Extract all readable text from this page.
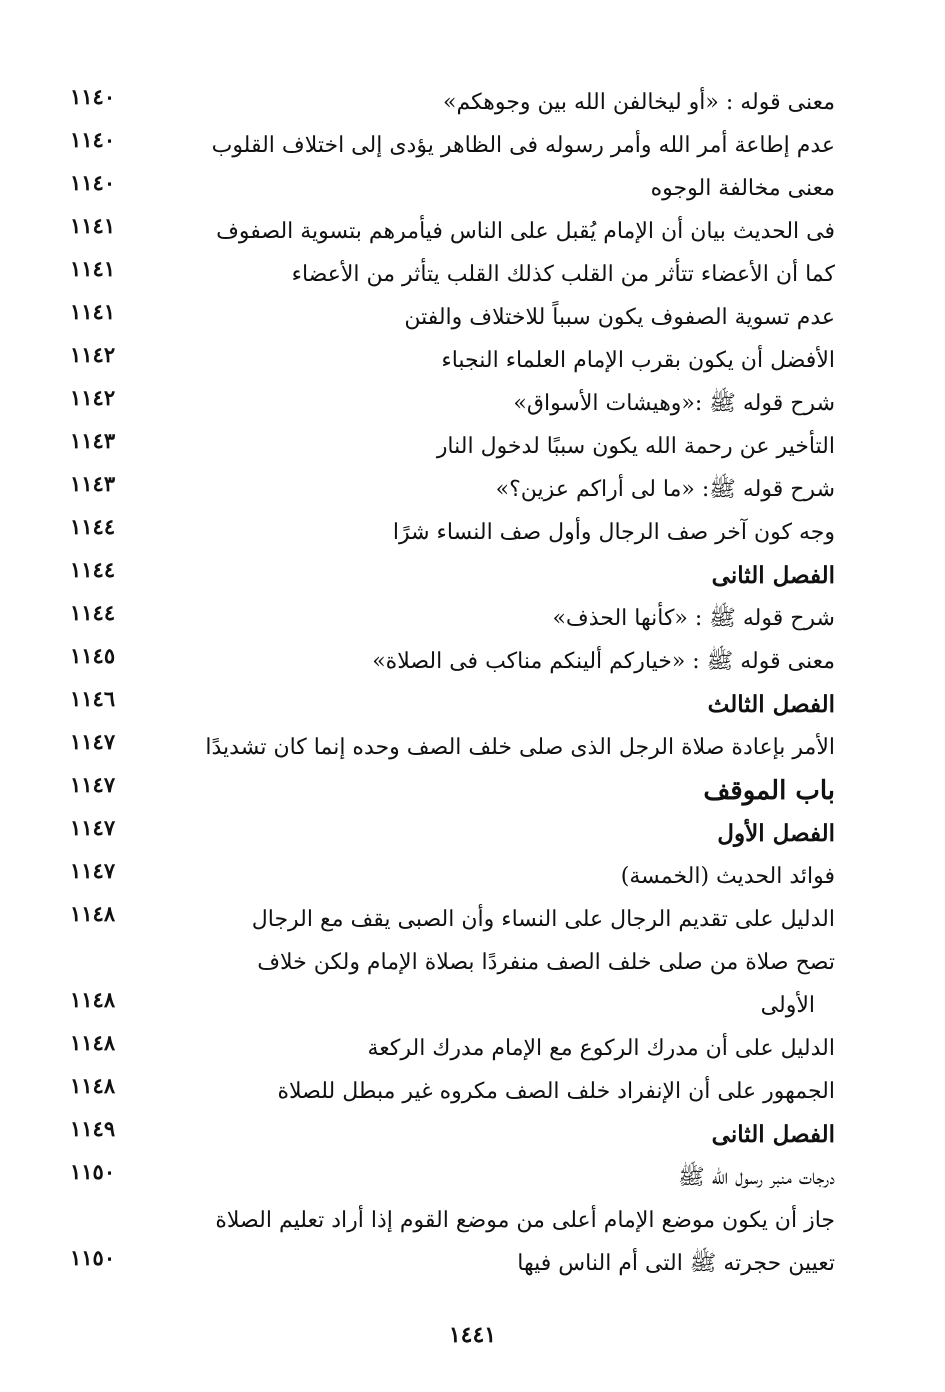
١١٤٠	معنى قوله : «أو ليخالفن الله بين وجوهكم»
١١٤٠	عدم إطاعة أمر الله وأمر رسوله فى الظاهر يؤدى إلى اختلاف القلوب
١١٤٠	معنى مخالفة الوجوه
١١٤١	فى الحديث بيان أن الإمام يُقبل على الناس فيأمرهم بتسوية الصفوف
١١٤١	كما أن الأعضاء تتأثر من القلب كذلك القلب يتأثر من الأعضاء
١١٤١	عدم تسوية الصفوف يكون سبباً للاختلاف والفتن
١١٤٢	الأفضل أن يكون بقرب الإمام العلماء النجباء
١١٤٢	شرح قوله ﷺ :«وهيشات الأسواق»
١١٤٣	التأخير عن رحمة الله يكون سببًا لدخول النار
١١٤٣	شرح قوله ﷺ: «ما لى أراكم عزين؟»
١١٤٤	وجه كون آخر صف الرجال وأول صف النساء شرًا
١١٤٤	الفصل الثانى
١١٤٤	شرح قوله ﷺ : «كأنها الحذف»
١١٤٥	معنى قوله ﷺ : «خياركم ألينكم مناكب فى الصلاة»
١١٤٦	الفصل الثالث
١١٤٧	الأمر بإعادة صلاة الرجل الذى صلى خلف الصف وحده إنما كان تشديدًا
١١٤٧	باب الموقف
١١٤٧	الفصل الأول
١١٤٧	فوائد الحديث (الخمسة)
١١٤٨	الدليل على تقديم الرجال على النساء وأن الصبى يقف مع الرجال
تصح صلاة من صلى خلف الصف منفردًا بصلاة الإمام ولكن خلاف
١١٤٨	الأولى
١١٤٨	الدليل على أن مدرك الركوع مع الإمام مدرك الركعة
١١٤٨	الجمهور على أن الإنفراد خلف الصف مكروه غير مبطل للصلاة
١١٤٩	الفصل الثانى
١١٥٠	درجات منبر رسول الله ﷺ
جاز أن يكون موضع الإمام أعلى من موضع القوم إذا أراد تعليم الصلاة
١١٥٠	تعيين حجرته ﷺ التى أم الناس فيها
١٤٤١
